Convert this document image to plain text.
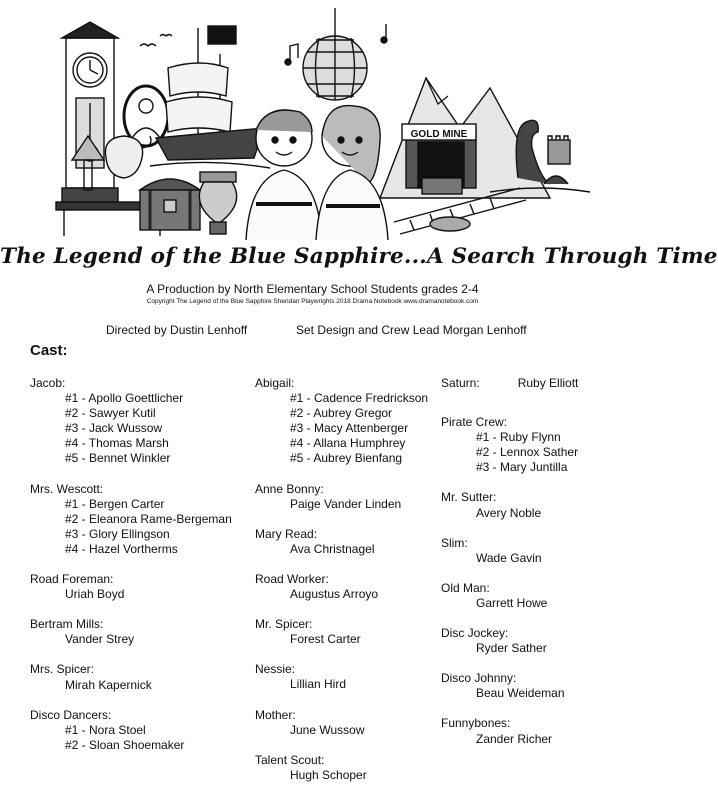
GOLD MINE
The Legend of the Blue Sapphire...A Search Through Time
A Production by North Elementary School Students grades 2-4
Copyright The Legend of the Blue Sapphire Sheridan Playwrights 2018 Drama Notebook www.dramanotebook.com
Directed by Dustin Lenhoff	Set Design and Crew Lead Morgan Lenhoff
Cast:
Jacob:
#1 - Apollo Goettlicher
#2 - Sawyer Kutil
#3 - Jack Wussow
#4 - Thomas Marsh
#5 - Bennet Winkler
Mrs. Wescott:
#1 - Bergen Carter
#2 - Eleanora Rame-Bergeman
#3 - Glory Ellingson
#4 - Hazel Vortherms
Road Foreman:
Uriah Boyd
Bertram Mills:
Vander Strey
Mrs. Spicer:
Mirah Kapernick
Disco Dancers:
#1 - Nora Stoel
#2 - Sloan Shoemaker
Abigail:
#1 - Cadence Fredrickson
#2 - Aubrey Gregor
#3 - Macy Attenberger
#4 - Allana Humphrey
#5 - Aubrey Bienfang
Anne Bonny:
Paige Vander Linden
Mary Read:
Ava Christnagel
Road Worker:
Augustus Arroyo
Mr. Spicer:
Forest Carter
Nessie:
Lillian Hird
Mother:
June Wussow
Talent Scout:
Hugh Schoper
Saturn:	Ruby Elliott
Pirate Crew:
#1 - Ruby Flynn
#2 - Lennox Sather
#3 - Mary Juntilla
Mr. Sutter:
Avery Noble
Slim:
Wade Gavin
Old Man:
Garrett Howe
Disc Jockey:
Ryder Sather
Disco Johnny:
Beau Weideman
Funnybones:
Zander Richer
